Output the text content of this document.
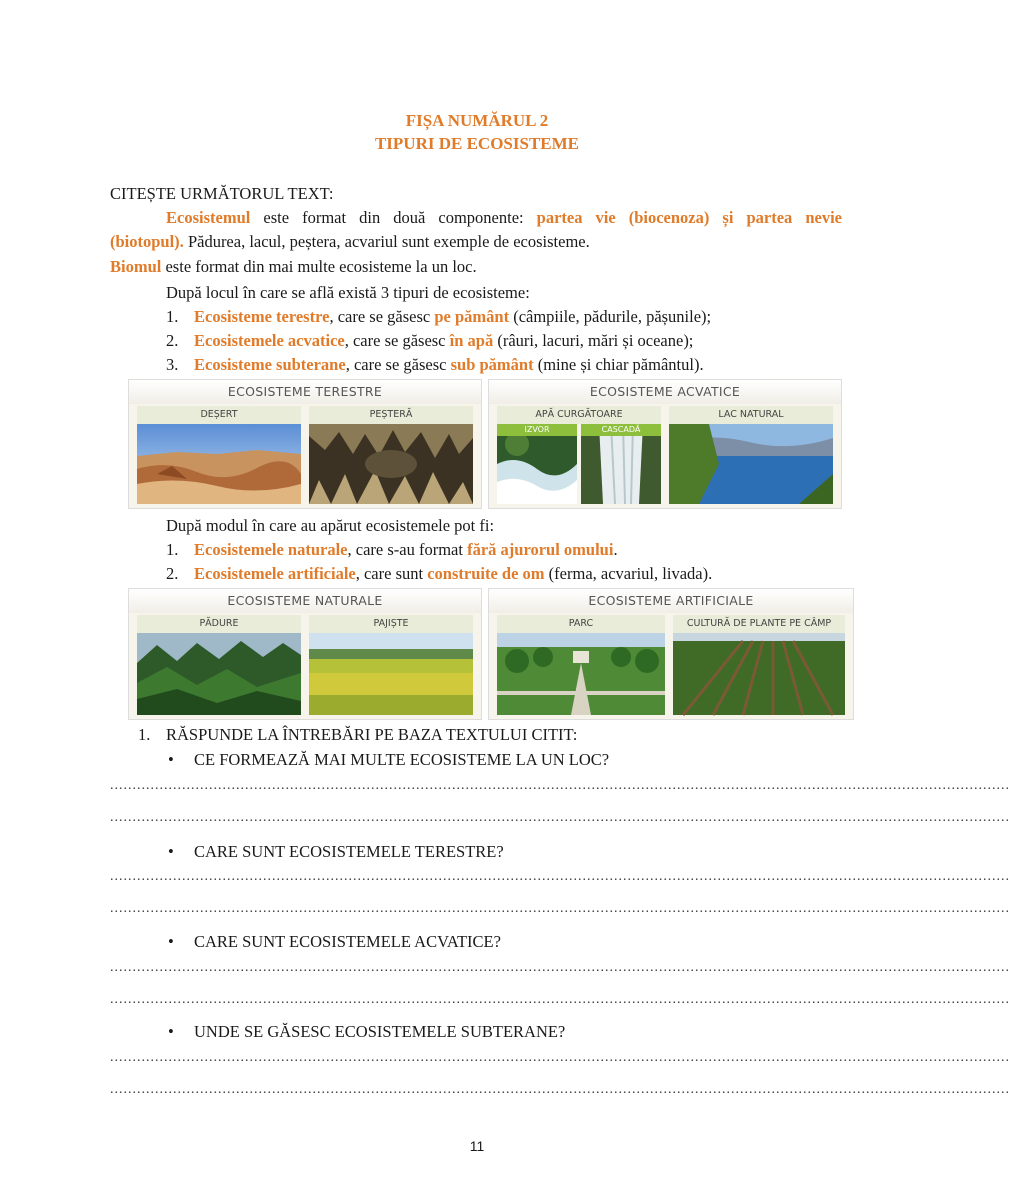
FIȘA NUMĂRUL 2
TIPURI DE ECOSISTEME
CITEȘTE URMĂTORUL TEXT:
Ecosistemul este format din două componente: partea vie (biocenoza) și partea nevie
(biotopul). Pădurea, lacul, peștera, acvariul sunt exemple de ecosisteme.
Biomul este format din mai multe ecosisteme la un loc.
După locul în care se află există 3 tipuri de ecosisteme:
1. Ecosisteme terestre, care se găsesc pe pământ (câmpiile, pădurile, pășunile);
2. Ecosistemele acvatice, care se găsesc în apă (râuri, lacuri, mări și oceane);
3. Ecosisteme subterane, care se găsesc sub pământ (mine și chiar pământul).
ECOSISTEME TERESTRE
DEȘERT	PEȘTERĂ
ECOSISTEME ACVATICE
APĂ CURGĂTOARE	LAC NATURAL
IZVOR	CASCADĂ
După modul în care au apărut ecosistemele pot fi:
1. Ecosistemele naturale, care s-au format fără ajurorul omului.
2. Ecosistemele artificiale, care sunt construite de om (ferma, acvariul, livada).
ECOSISTEME NATURALE
PĂDURE	PAJIȘTE
ECOSISTEME ARTIFICIALE
PARC	CULTURĂ DE PLANTE PE CÂMP
1. RĂSPUNDE LA ÎNTREBĂRI PE BAZA TEXTULUI CITIT:
• CE FORMEAZĂ MAI MULTE ECOSISTEME LA UN LOC?
........................................................................................................................................................................................................
........................................................................................................................................................................................................
• CARE SUNT ECOSISTEMELE TERESTRE?
........................................................................................................................................................................................................
........................................................................................................................................................................................................
• CARE SUNT ECOSISTEMELE ACVATICE?
........................................................................................................................................................................................................
........................................................................................................................................................................................................
• UNDE SE GĂSESC ECOSISTEMELE SUBTERANE?
........................................................................................................................................................................................................
........................................................................................................................................................................................................
11
